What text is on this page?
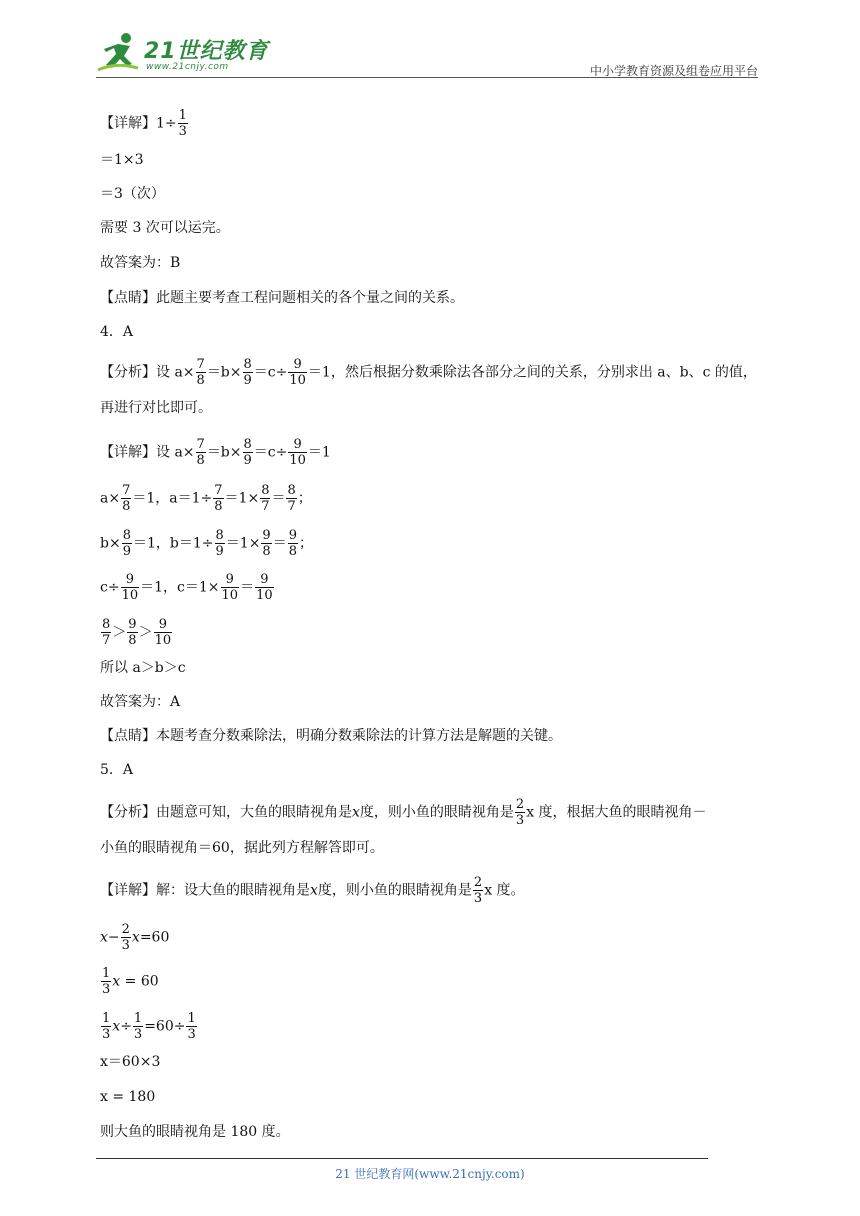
21世纪教育
www.21cnjy.com	中小学教育资源及组卷应用平台
【详解】$1\div \frac{1}{3}$
＝1×3
＝3（次）
需要 3 次可以运完。
故答案为：B
【点睛】此题主要考查工程问题相关的各个量之间的关系。
4．A
【分析】设 $a\times \frac{7}{8} =b\times \frac{8}{9} =c\div \frac{9}{10} =1$，然后根据分数乘除法各部分之间的关系，分别求出 a、b、c 的值，
再进行对比即可。
【详解】设 $a\times \frac{7}{8} =b\times \frac{8}{9} =c\div \frac{9}{10} =1$
$a\times \frac{7}{8} =1$，$a=1\div \frac{7}{8} =1\times \frac{8}{7} = \frac{8}{7}$ ；
$b\times \frac{8}{9} =1$，$b=1\div \frac{8}{9} =1\times \frac{9}{8} = \frac{9}{8}$ ；
$c\div \frac{9}{10} =1$，$c=1\times \frac{9}{10} = \frac{9}{10}$
$\frac{8}{7} > \frac{9}{8} > \frac{9}{10}$
所以 a＞b＞c
故答案为：A
【点睛】本题考查分数乘除法，明确分数乘除法的计算方法是解题的关键。
5．A
【分析】由题意可知，大鱼的眼睛视角是x度，则小鱼的眼睛视角是 $\frac{2}{3}$ x 度，根据大鱼的眼睛视角－
小鱼的眼睛视角＝60，据此列方程解答即可。
【详解】解：设大鱼的眼睛视角是x度，则小鱼的眼睛视角是 $\frac{2}{3}$ x 度。
$x- \frac{2}{3} x=60$
$\frac{1}{3}$ x = 60
$\frac{1}{3} x\div \frac{1}{3} =60\div \frac{1}{3}$
x＝60×3
x = 180
则大鱼的眼睛视角是 180 度。
21 世纪教育网(www.21cnjy.com)
